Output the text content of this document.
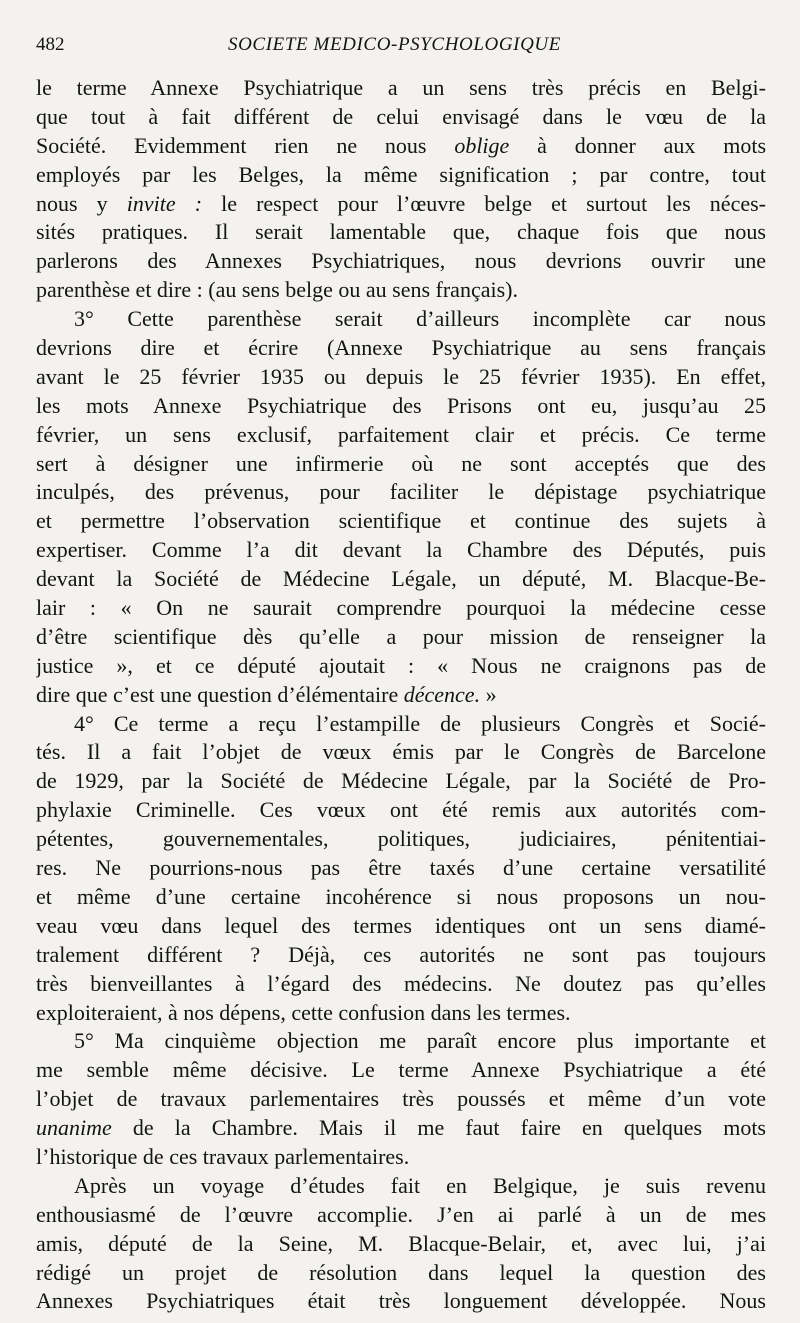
482	SOCIETE MEDICO-PSYCHOLOGIQUE
le terme Annexe Psychiatrique a un sens très précis en Belgi-
que tout à fait différent de celui envisagé dans le vœu de la
Société. Evidemment rien ne nous oblige à donner aux mots
employés par les Belges, la même signification ; par contre, tout
nous y invite : le respect pour l’œuvre belge et surtout les néces-
sités pratiques. Il serait lamentable que, chaque fois que nous
parlerons des Annexes Psychiatriques, nous devrions ouvrir une
parenthèse et dire : (au sens belge ou au sens français).
3° Cette parenthèse serait d’ailleurs incomplète car nous
devrions dire et écrire (Annexe Psychiatrique au sens français
avant le 25 février 1935 ou depuis le 25 février 1935). En effet,
les mots Annexe Psychiatrique des Prisons ont eu, jusqu’au 25
février, un sens exclusif, parfaitement clair et précis. Ce terme
sert à désigner une infirmerie où ne sont acceptés que des
inculpés, des prévenus, pour faciliter le dépistage psychiatrique
et permettre l’observation scientifique et continue des sujets à
expertiser. Comme l’a dit devant la Chambre des Députés, puis
devant la Société de Médecine Légale, un député, M. Blacque-Be-
lair : « On ne saurait comprendre pourquoi la médecine cesse
d’être scientifique dès qu’elle a pour mission de renseigner la
justice », et ce député ajoutait : « Nous ne craignons pas de
dire que c’est une question d’élémentaire décence. »
4° Ce terme a reçu l’estampille de plusieurs Congrès et Socié-
tés. Il a fait l’objet de vœux émis par le Congrès de Barcelone
de 1929, par la Société de Médecine Légale, par la Société de Pro-
phylaxie Criminelle. Ces vœux ont été remis aux autorités com-
pétentes, gouvernementales, politiques, judiciaires, pénitentiai-
res. Ne pourrions-nous pas être taxés d’une certaine versatilité
et même d’une certaine incohérence si nous proposons un nou-
veau vœu dans lequel des termes identiques ont un sens diamé-
tralement différent ? Déjà, ces autorités ne sont pas toujours
très bienveillantes à l’égard des médecins. Ne doutez pas qu’elles
exploiteraient, à nos dépens, cette confusion dans les termes.
5° Ma cinquième objection me paraît encore plus importante et
me semble même décisive. Le terme Annexe Psychiatrique a été
l’objet de travaux parlementaires très poussés et même d’un vote
unanime de la Chambre. Mais il me faut faire en quelques mots
l’historique de ces travaux parlementaires.
Après un voyage d’études fait en Belgique, je suis revenu
enthousiasmé de l’œuvre accomplie. J’en ai parlé à un de mes
amis, député de la Seine, M. Blacque-Belair, et, avec lui, j’ai
rédigé un projet de résolution dans lequel la question des
Annexes Psychiatriques était très longuement développée. Nous
